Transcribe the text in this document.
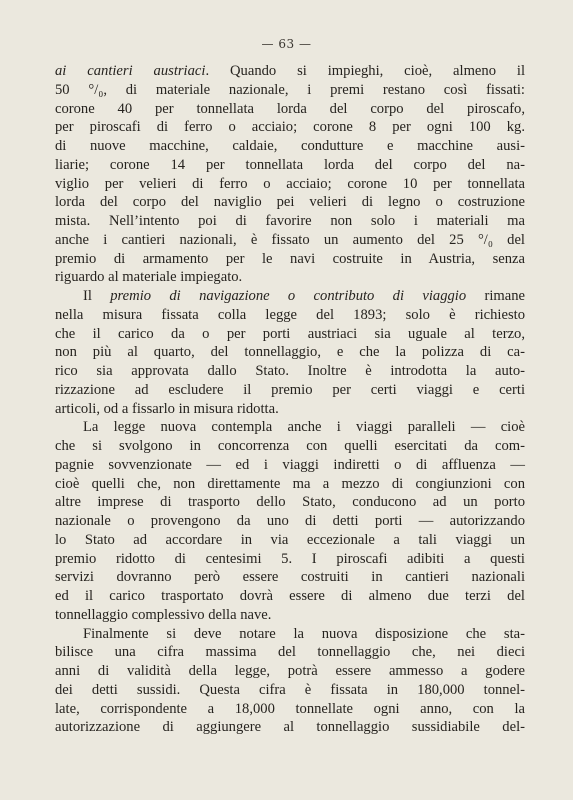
— 63 —
ai cantieri austriaci. Quando si impieghi, cioè, almeno il
50 °/₀, di materiale nazionale, i premi restano così fissati:
corone 40 per tonnellata lorda del corpo del piroscafo,
per piroscafi di ferro o acciaio; corone 8 per ogni 100 kg.
di nuove macchine, caldaie, condutture e macchine ausi-
liarie; corone 14 per tonnellata lorda del corpo del na-
viglio per velieri di ferro o acciaio; corone 10 per tonnellata
lorda del corpo del naviglio pei velieri di legno o costruzione
mista. Nell’intento poi di favorire non solo i materiali ma
anche i cantieri nazionali, è fissato un aumento del 25 °/₀ del
premio di armamento per le navi costruite in Austria, senza
riguardo al materiale impiegato.
Il premio di navigazione o contributo di viaggio rimane
nella misura fissata colla legge del 1893; solo è richiesto
che il carico da o per porti austriaci sia uguale al terzo,
non più al quarto, del tonnellaggio, e che la polizza di ca-
rico sia approvata dallo Stato. Inoltre è introdotta la auto-
rizzazione ad escludere il premio per certi viaggi e certi
articoli, od a fissarlo in misura ridotta.
La legge nuova contempla anche i viaggi paralleli — cioè
che si svolgono in concorrenza con quelli esercitati da com-
pagnie sovvenzionate — ed i viaggi indiretti o di affluenza —
cioè quelli che, non direttamente ma a mezzo di congiunzioni con
altre imprese di trasporto dello Stato, conducono ad un porto
nazionale o provengono da uno di detti porti — autorizzando
lo Stato ad accordare in via eccezionale a tali viaggi un
premio ridotto di centesimi 5. I piroscafi adibiti a questi
servizi dovranno però essere costruiti in cantieri nazionali
ed il carico trasportato dovrà essere di almeno due terzi del
tonnellaggio complessivo della nave.
Finalmente si deve notare la nuova disposizione che sta-
bilisce una cifra massima del tonnellaggio che, nei dieci
anni di validità della legge, potrà essere ammesso a godere
dei detti sussidi. Questa cifra è fissata in 180,000 tonnel-
late, corrispondente a 18,000 tonnellate ogni anno, con la
autorizzazione di aggiungere al tonnellaggio sussidiabile del-
